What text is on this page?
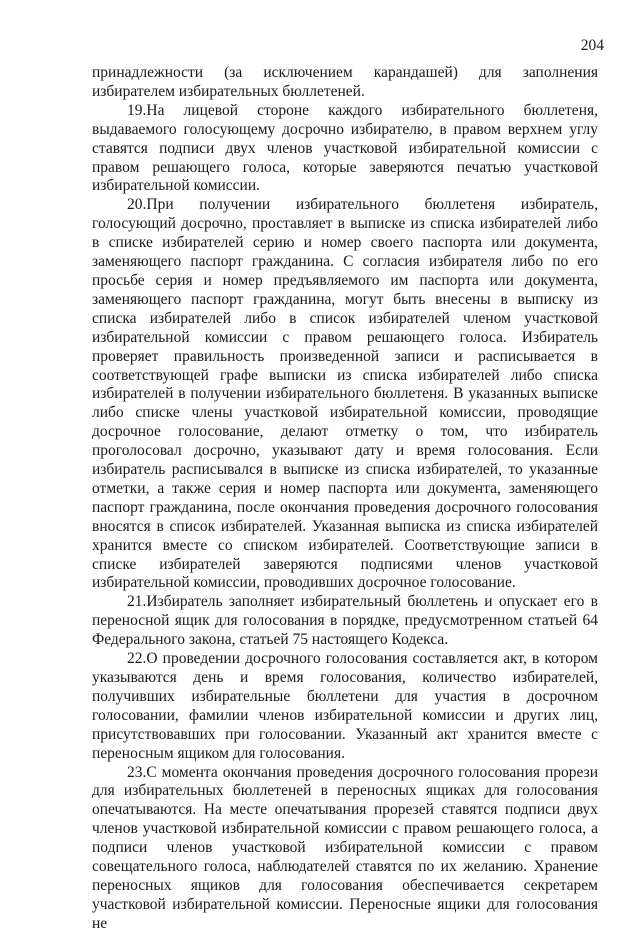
204

принадлежности (за исключением карандашей) для заполнения избирателем избирательных бюллетеней.

19.На лицевой стороне каждого избирательного бюллетеня, выдаваемого голосующему досрочно избирателю, в правом верхнем углу ставятся подписи двух членов участковой избирательной комиссии с правом решающего голоса, которые заверяются печатью участковой избирательной комиссии.

20.При получении избирательного бюллетеня избиратель, голосующий досрочно, проставляет в выписке из списка избирателей либо в списке избирателей серию и номер своего паспорта или документа, заменяющего паспорт гражданина. С согласия избирателя либо по его просьбе серия и номер предъявляемого им паспорта или документа, заменяющего паспорт гражданина, могут быть внесены в выписку из списка избирателей либо в список избирателей членом участковой избирательной комиссии с правом решающего голоса. Избиратель проверяет правильность произведенной записи и расписывается в соответствующей графе выписки из списка избирателей либо списка избирателей в получении избирательного бюллетеня. В указанных выписке либо списке члены участковой избирательной комиссии, проводящие досрочное голосование, делают отметку о том, что избиратель проголосовал досрочно, указывают дату и время голосования. Если избиратель расписывался в выписке из списка избирателей, то указанные отметки, а также серия и номер паспорта или документа, заменяющего паспорт гражданина, после окончания проведения досрочного голосования вносятся в список избирателей. Указанная выписка из списка избирателей хранится вместе со списком избирателей. Соответствующие записи в списке избирателей заверяются подписями членов участковой избирательной комиссии, проводивших досрочное голосование.

21.Избиратель заполняет избирательный бюллетень и опускает его в переносной ящик для голосования в порядке, предусмотренном статьей 64 Федерального закона, статьей 75 настоящего Кодекса.

22.О проведении досрочного голосования составляется акт, в котором указываются день и время голосования, количество избирателей, получивших избирательные бюллетени для участия в досрочном голосовании, фамилии членов избирательной комиссии и других лиц, присутствовавших при голосовании. Указанный акт хранится вместе с переносным ящиком для голосования.

23.С момента окончания проведения досрочного голосования прорези для избирательных бюллетеней в переносных ящиках для голосования опечатываются. На месте опечатывания прорезей ставятся подписи двух членов участковой избирательной комиссии с правом решающего голоса, а подписи членов участковой избирательной комиссии с правом совещательного голоса, наблюдателей ставятся по их желанию. Хранение переносных ящиков для голосования обеспечивается секретарем участковой избирательной комиссии. Переносные ящики для голосования не
